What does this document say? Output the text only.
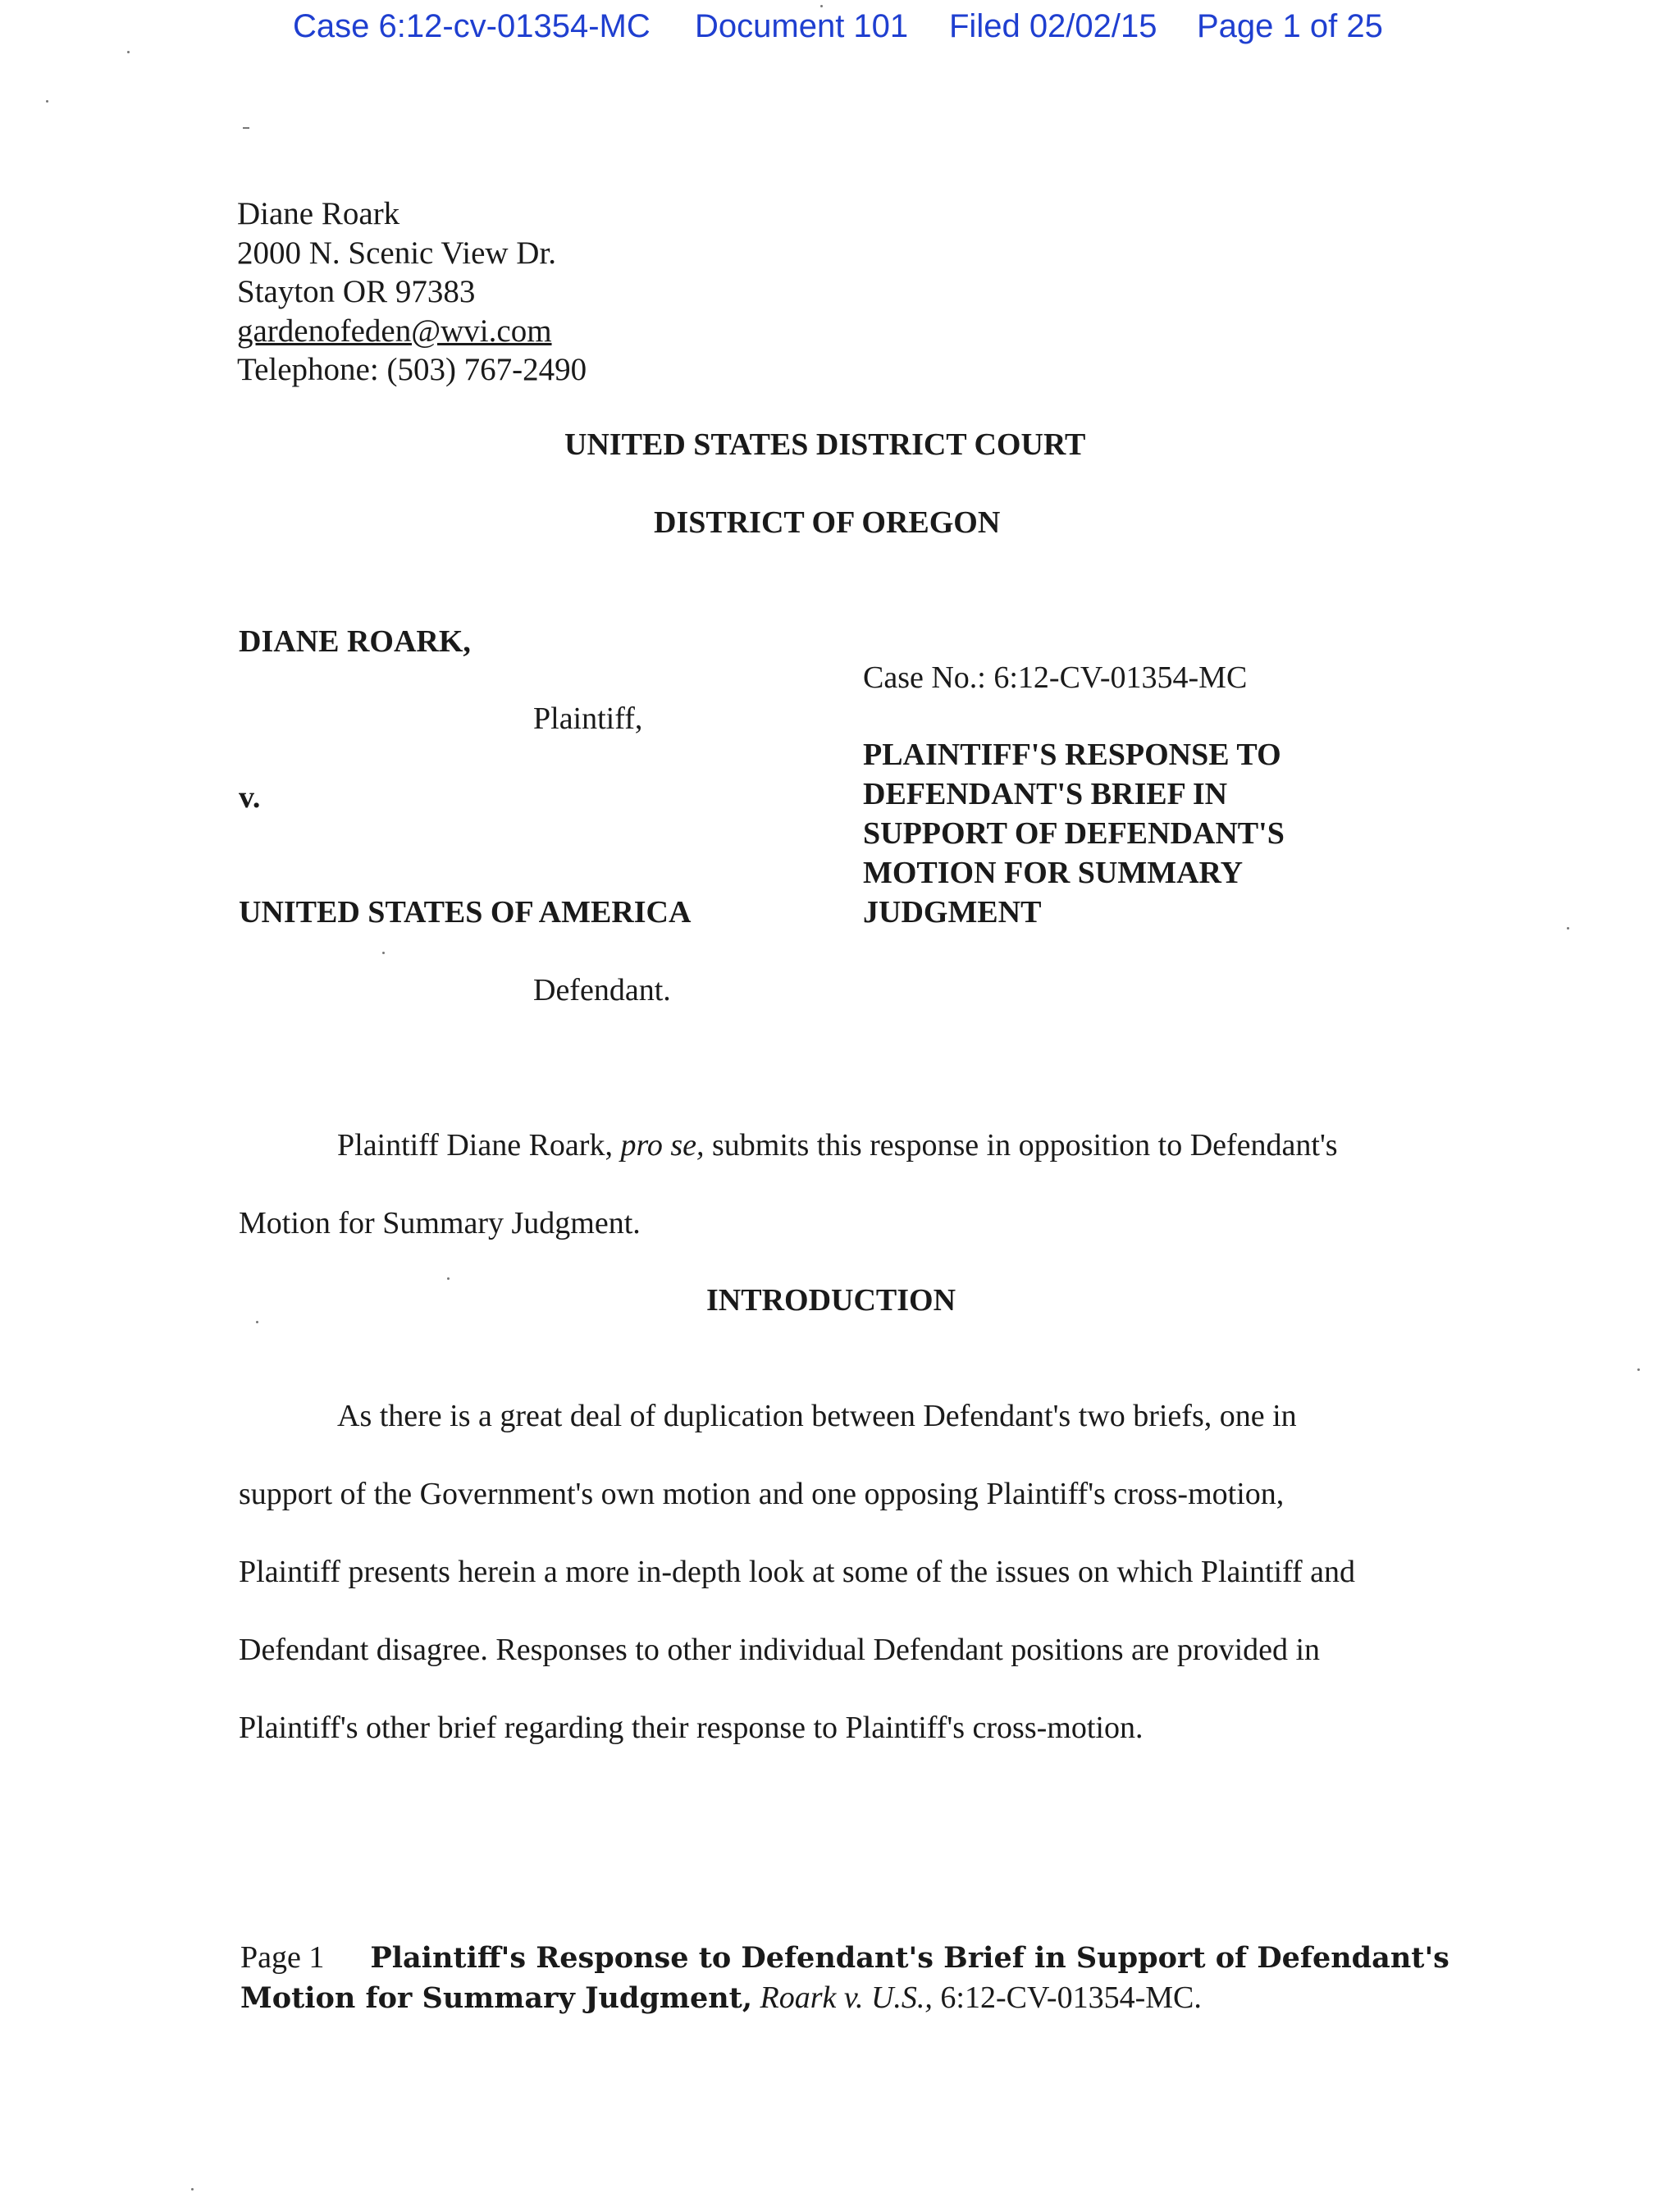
Case 6:12-cv-01354-MC Document 101 Filed 02/02/15 Page 1 of 25
Diane Roark
2000 N. Scenic View Dr.
Stayton OR 97383
gardenofeden@wvi.com
Telephone: (503) 767-2490
UNITED STATES DISTRICT COURT
DISTRICT OF OREGON
DIANE ROARK,
Plaintiff,
v.
UNITED STATES OF AMERICA
Defendant.
Case No.: 6:12-CV-01354-MC
PLAINTIFF'S RESPONSE TO
DEFENDANT'S BRIEF IN
SUPPORT OF DEFENDANT'S
MOTION FOR SUMMARY
JUDGMENT
Plaintiff Diane Roark, pro se, submits this response in opposition to Defendant's
Motion for Summary Judgment.
INTRODUCTION
As there is a great deal of duplication between Defendant's two briefs, one in
support of the Government's own motion and one opposing Plaintiff's cross-motion,
Plaintiff presents herein a more in-depth look at some of the issues on which Plaintiff and
Defendant disagree. Responses to other individual Defendant positions are provided in
Plaintiff's other brief regarding their response to Plaintiff's cross-motion.
Page 1 Plaintiff's Response to Defendant's Brief in Support of Defendant's
Motion for Summary Judgment, Roark v. U.S., 6:12-CV-01354-MC.
